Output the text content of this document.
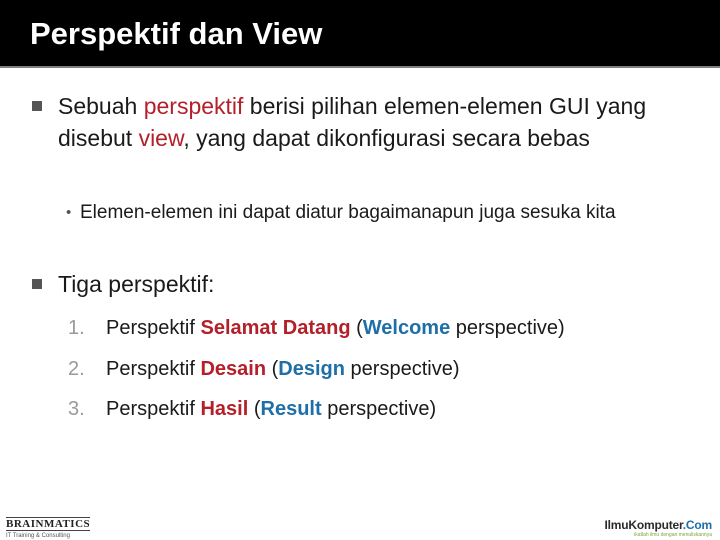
Perspektif dan View
Sebuah perspektif berisi pilihan elemen-elemen GUI yang disebut view, yang dapat dikonfigurasi secara bebas
• Elemen-elemen ini dapat diatur bagaimanapun juga sesuka kita
Tiga perspektif:
1. Perspektif Selamat Datang (Welcome perspective)
2. Perspektif Desain (Design perspective)
3. Perspektif Hasil (Result perspective)
BRAINMATICS
IT Training & Consulting
IlmuKomputer.Com
ikatlah ilmu dengan menuliskannya
